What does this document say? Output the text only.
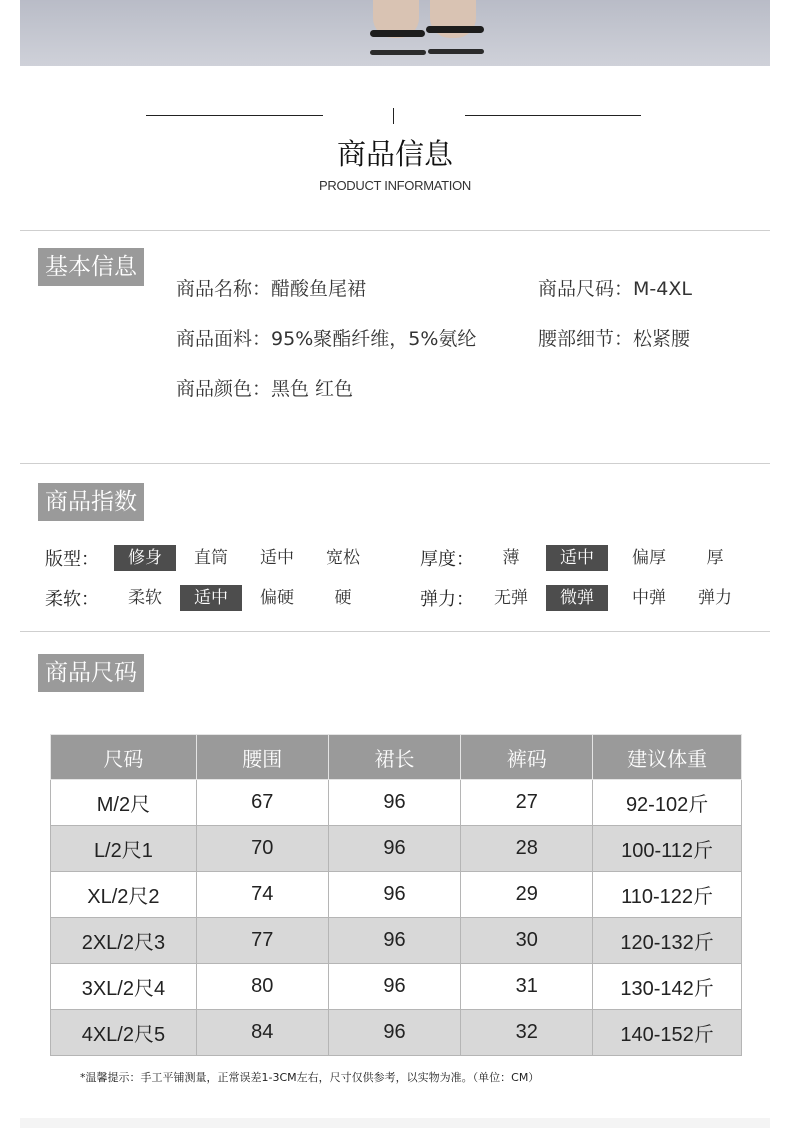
商品信息
PRODUCT INFORMATION
基本信息
商品名称：醋酸鱼尾裙	商品尺码：M-4XL
商品面料：95%聚酯纤维，5%氨纶	腰部细节：松紧腰
商品颜色：黑色 红色
商品指数
版型：	修身	直筒	适中	宽松	厚度：	薄	适中	偏厚	厚
柔软：	柔软	适中	偏硬	硬	弹力：	无弹	微弹	中弹	弹力
商品尺码
尺码	腰围	裙长	裤码	建议体重
M/2尺	67	96	27	92-102斤
L/2尺1	70	96	28	100-112斤
XL/2尺2	74	96	29	110-122斤
2XL/2尺3	77	96	30	120-132斤
3XL/2尺4	80	96	31	130-142斤
4XL/2尺5	84	96	32	140-152斤
*温馨提示：手工平铺测量，正常误差1-3CM左右，尺寸仅供参考，以实物为准。（单位：CM）
